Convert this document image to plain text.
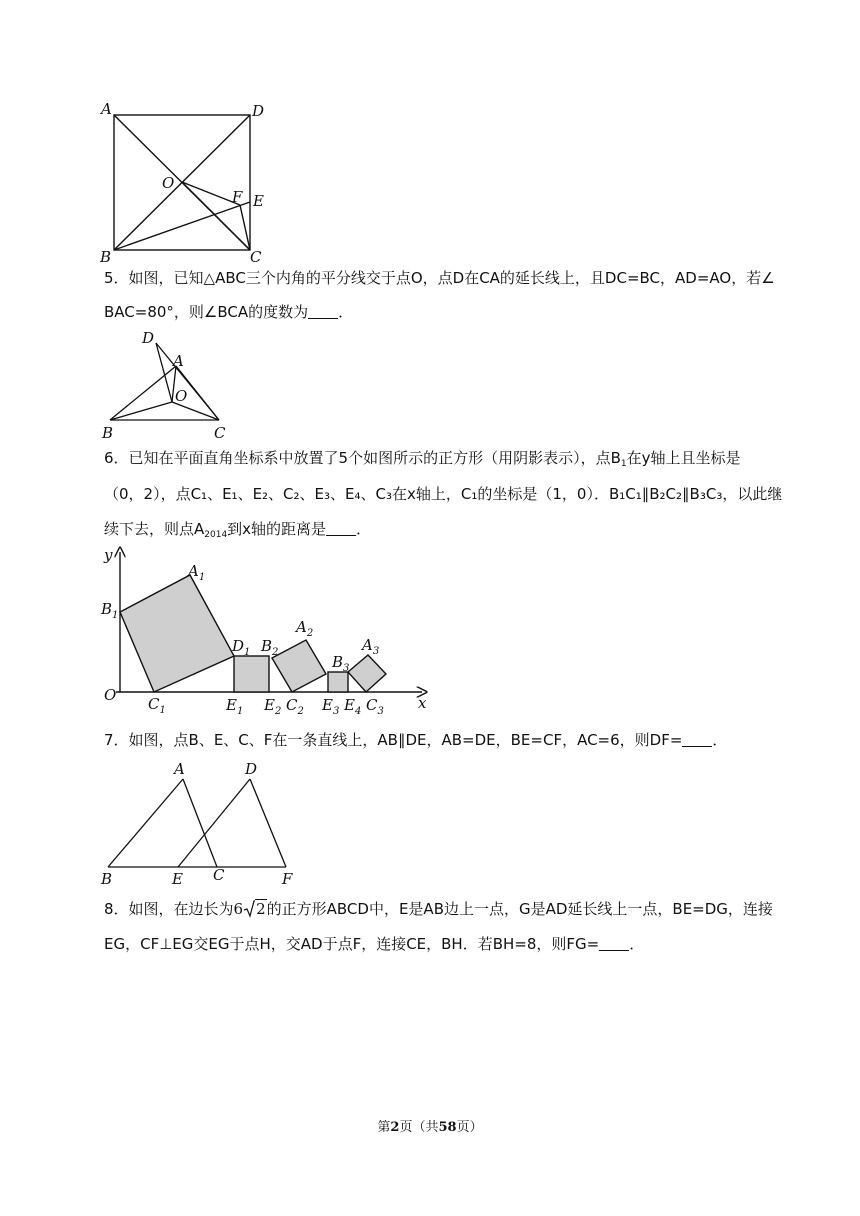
A	D
O
F E
B	C
5．如图，已知△ABC三个内角的平分线交于点O，点D在CA的延长线上，且DC=BC，AD=AO，若∠
BAC=80°，则∠BCA的度数为 ．
D
A
O
B	C
6．已知在平面直角坐标系中放置了5个如图所示的正方形（用阴影表示），点$B_1$在y轴上且坐标是
（0，2），点C₁、E₁、E₂、C₂、E₃、E₄、C₃在x轴上，C₁的坐标是（1，0）．B₁C₁∥B₂C₂∥B₃C₃，以此继
续下去，则点$A_{2014}$到x轴的距离是 ．
y
x
O
$A_1$
$B_1$
$C_1$
$D_1$
$E_1$
$B_2$
$E_2$ $C_2$
$A_2$
$B_3$
$E_3$ $E_4$
$A_3$
$C_3$
7．如图，点B、E、C、F在一条直线上，AB∥DE，AB=DE，BE=CF，AC=6，则DF= ．
A	D
B	E C	F
8．如图，在边长为6 2的正方形ABCD中，E是AB边上一点，G是AD延长线上一点，BE=DG，连接
EG，CF⊥EG交EG于点H，交AD于点F，连接CE，BH．若BH=8，则FG= ．
第2页（共58页）
